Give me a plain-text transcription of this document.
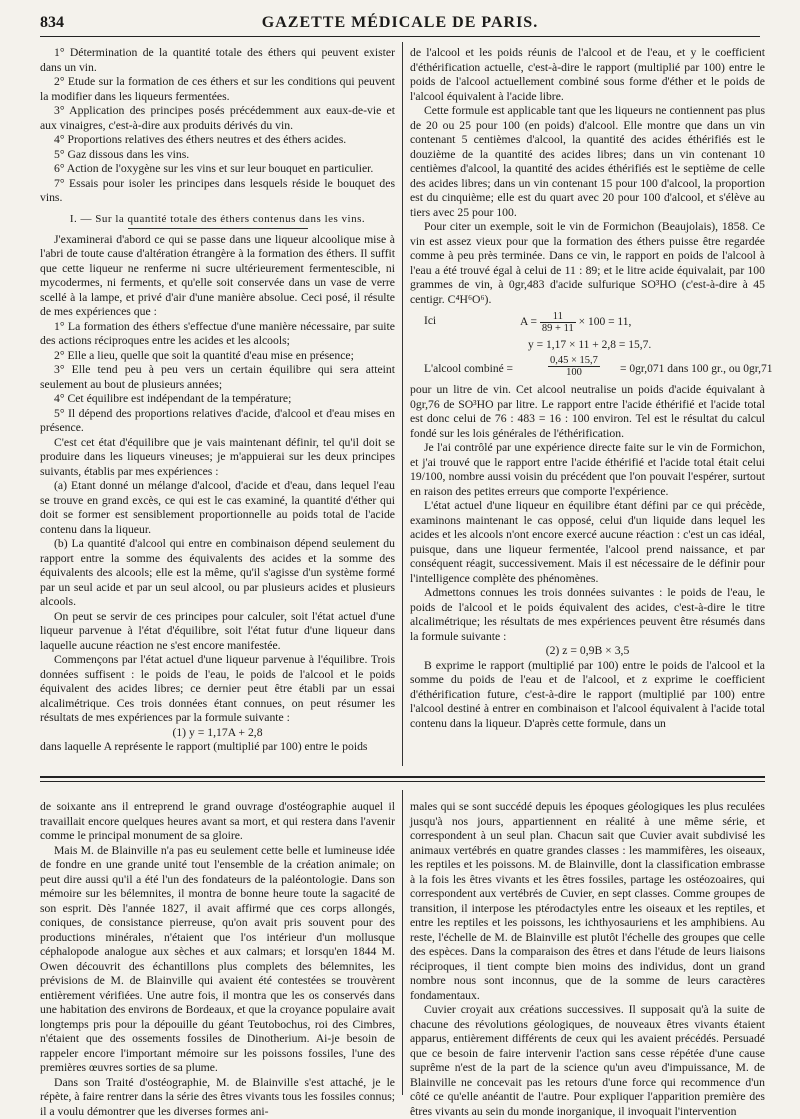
834	GAZETTE MÉDICALE DE PARIS.

1° Détermination de la quantité totale des éthers qui peuvent exister dans un vin.

2° Etude sur la formation de ces éthers et sur les conditions qui peuvent la modifier dans les liqueurs fermentées.

3° Application des principes posés précédemment aux eaux-de-vie et aux vinaigres, c'est-à-dire aux produits dérivés du vin.

4° Proportions relatives des éthers neutres et des éthers acides.

5° Gaz dissous dans les vins.

6° Action de l'oxygène sur les vins et sur leur bouquet en particulier.

7° Essais pour isoler les principes dans lesquels réside le bouquet des vins.

I. — Sur la quantité totale des éthers contenus dans les vins.

J'examinerai d'abord ce qui se passe dans une liqueur alcoolique mise à l'abri de toute cause d'altération étrangère à la formation des éthers. Il suffit que cette liqueur ne renferme ni sucre ultérieurement fermentescible, ni mycodermes, ni ferments, et qu'elle soit conservée dans un vase de verre scellé à la lampe, et privé d'air d'une manière absolue. Ceci posé, il résulte de mes expériences que :

1° La formation des éthers s'effectue d'une manière nécessaire, par suite des actions réciproques entre les acides et les alcools;

2° Elle a lieu, quelle que soit la quantité d'eau mise en présence;

3° Elle tend peu à peu vers un certain équilibre qui sera atteint seulement au bout de plusieurs années;

4° Cet équilibre est indépendant de la température;

5° Il dépend des proportions relatives d'acide, d'alcool et d'eau mises en présence.

C'est cet état d'équilibre que je vais maintenant définir, tel qu'il doit se produire dans les liqueurs vineuses; je m'appuierai sur les deux principes suivants, établis par mes expériences :

(a) Etant donné un mélange d'alcool, d'acide et d'eau, dans lequel l'eau se trouve en grand excès, ce qui est le cas examiné, la quantité d'éther qui doit se former est sensiblement proportionnelle au poids total de l'acide contenu dans la liqueur.

(b) La quantité d'alcool qui entre en combinaison dépend seulement du rapport entre la somme des équivalents des acides et la somme des équivalents des alcools; elle est la même, qu'il s'agisse d'un système formé par un seul acide et par un seul alcool, ou par plusieurs acides et plusieurs alcools.

On peut se servir de ces principes pour calculer, soit l'état actuel d'une liqueur parvenue à l'état d'équilibre, soit l'état futur d'une liqueur dans laquelle aucune réaction ne s'est encore manifestée.

Commençons par l'état actuel d'une liqueur parvenue à l'équilibre. Trois données suffisent : le poids de l'eau, le poids de l'alcool et le poids équivalent des acides libres; ce dernier peut être établi par un essai alcalimétrique. Ces trois données étant connues, on peut résumer les résultats de mes expériences par la formule suivante :

(1) y = 1,17A + 2,8

dans laquelle A représente le rapport (multiplié par 100) entre le poids

de l'alcool et les poids réunis de l'alcool et de l'eau, et y le coefficient d'éthérification actuelle, c'est-à-dire le rapport (multiplié par 100) entre le poids de l'alcool actuellement combiné sous forme d'éther et le poids de l'alcool équivalent à l'acide libre.

Cette formule est applicable tant que les liqueurs ne contiennent pas plus de 20 ou 25 pour 100 (en poids) d'alcool. Elle montre que dans un vin contenant 5 centièmes d'alcool, la quantité des acides éthérifiés est le douzième de la quantité des acides libres; dans un vin contenant 10 centièmes d'alcool, la quantité des acides éthérifiés est le septième de celle des acides libres; dans un vin contenant 15 pour 100 d'alcool, la proportion est du cinquième; elle est du quart avec 20 pour 100 d'alcool, et s'élève au tiers avec 25 pour 100.

Pour citer un exemple, soit le vin de Formichon (Beaujolais), 1858. Ce vin est assez vieux pour que la formation des éthers puisse être regardée comme à peu près terminée. Dans ce vin, le rapport en poids de l'alcool à l'eau a été trouvé égal à celui de 11 : 89; et le litre acide équivalait, par 100 grammes de vin, à 0gr,483 d'acide sulfurique SO³HO (c'est-à-dire à 45 centigr. C⁴H⁶O⁶).

Ici	$A = \frac{11}{89 + 11} \times 100 = 11$,
y = 1,17 × 11 + 2,8 = 15,7.
L'alcool combiné =	$\frac{0,45 \times 15,7}{100} = 0gr,071$ dans 100 gr., ou 0gr,71

pour un litre de vin. Cet alcool neutralise un poids d'acide équivalant à 0gr,76 de SO³HO par litre. Le rapport entre l'acide éthérifié et l'acide total est donc celui de 76 : 483 = 16 : 100 environ. Tel est le résultat du calcul fondé sur les lois générales de l'éthérification.

Je l'ai contrôlé par une expérience directe faite sur le vin de Formichon, et j'ai trouvé que le rapport entre l'acide éthérifié et l'acide total était celui 19/100, nombre aussi voisin du précédent que l'on pouvait l'espérer, surtout en raison des petites erreurs que comporte l'expérience.

L'état actuel d'une liqueur en équilibre étant défini par ce qui précède, examinons maintenant le cas opposé, celui d'un liquide dans lequel les acides et les alcools n'ont encore exercé aucune réaction : c'est un cas idéal, puisque, dans une liqueur fermentée, l'alcool prend naissance, et par conséquent réagit, successivement. Mais il est nécessaire de le définir pour l'intelligence complète des phénomènes.

Admettons connues les trois données suivantes : le poids de l'eau, le poids de l'alcool et le poids équivalent des acides, c'est-à-dire le titre alcalimétrique; les résultats de mes expériences peuvent être résumés dans la formule suivante :

(2) z = 0,9B × 3,5

B exprime le rapport (multiplié par 100) entre le poids de l'alcool et la somme du poids de l'eau et de l'alcool, et z exprime le coefficient d'éthérification future, c'est-à-dire le rapport (multiplié par 100) entre l'alcool destiné à entrer en combinaison et l'alcool équivalent à l'acide total contenu dans la liqueur. D'après cette formule, dans un

de soixante ans il entreprend le grand ouvrage d'ostéographie auquel il travaillait encore quelques heures avant sa mort, et qui restera dans l'avenir comme le principal monument de sa gloire.

Mais M. de Blainville n'a pas eu seulement cette belle et lumineuse idée de fondre en une grande unité tout l'ensemble de la création animale; on peut dire aussi qu'il a été l'un des fondateurs de la paléontologie. Dans son mémoire sur les bélemnites, il montra de bonne heure toute la sagacité de son esprit. Dès l'année 1827, il avait affirmé que ces corps allongés, coniques, de consistance pierreuse, qu'on avait pris souvent pour des productions minérales, n'étaient que l'os intérieur d'un mollusque céphalopode analogue aux sèches et aux calmars; et lorsqu'en 1844 M. Owen découvrit des échantillons plus complets des bélemnites, les prévisions de M. de Blainville qui avaient été contestées se trouvèrent entièrement vérifiées. Une autre fois, il montra que les os conservés dans une habitation des environs de Bordeaux, et que la croyance populaire avait longtemps pris pour la dépouille du géant Teutobochus, roi des Cimbres, n'étaient que des ossements fossiles de Dinotherium. Ai-je besoin de rappeler encore l'important mémoire sur les poissons fossiles, l'une des premières œuvres sorties de sa plume.

Dans son Traité d'ostéographie, M. de Blainville s'est attaché, je le répète, à faire rentrer dans la série des êtres vivants tous les fossiles connus; il a voulu démontrer que les diverses formes ani-

males qui se sont succédé depuis les époques géologiques les plus reculées jusqu'à nos jours, appartiennent en réalité à une même série, et correspondent à un seul plan. Chacun sait que Cuvier avait subdivisé les animaux vertébrés en quatre grandes classes : les mammifères, les oiseaux, les reptiles et les poissons. M. de Blainville, dont la classification embrasse à la fois les êtres vivants et les êtres fossiles, partage les ostéozoaires, qui correspondent aux vertébrés de Cuvier, en sept classes. Comme groupes de transition, il interpose les ptérodactyles entre les oiseaux et les reptiles, et entre les reptiles et les poissons, les ichthyosauriens et les amphibiens. Au reste, l'échelle de M. de Blainville est plutôt l'échelle des groupes que celle des espèces. Dans la comparaison des êtres et dans l'étude de leurs liaisons réciproques, il tient compte bien moins des individus, dont un grand nombre nous sont inconnus, que de la somme de leurs caractères fondamentaux.

Cuvier croyait aux créations successives. Il supposait qu'à la suite de chacune des révolutions géologiques, de nouveaux êtres vivants étaient apparus, entièrement différents de ceux qui les avaient précédés. Persuadé que ce besoin de faire intervenir l'action sans cesse répétée d'une cause suprême n'est de la part de la science qu'un aveu d'impuissance, M. de Blainville ne concevait pas les retours d'une force qui recommence d'un côté ce qu'elle anéantit de l'autre. Pour expliquer l'apparition première des êtres vivants au sein du monde inorganique, il invoquait l'intervention
